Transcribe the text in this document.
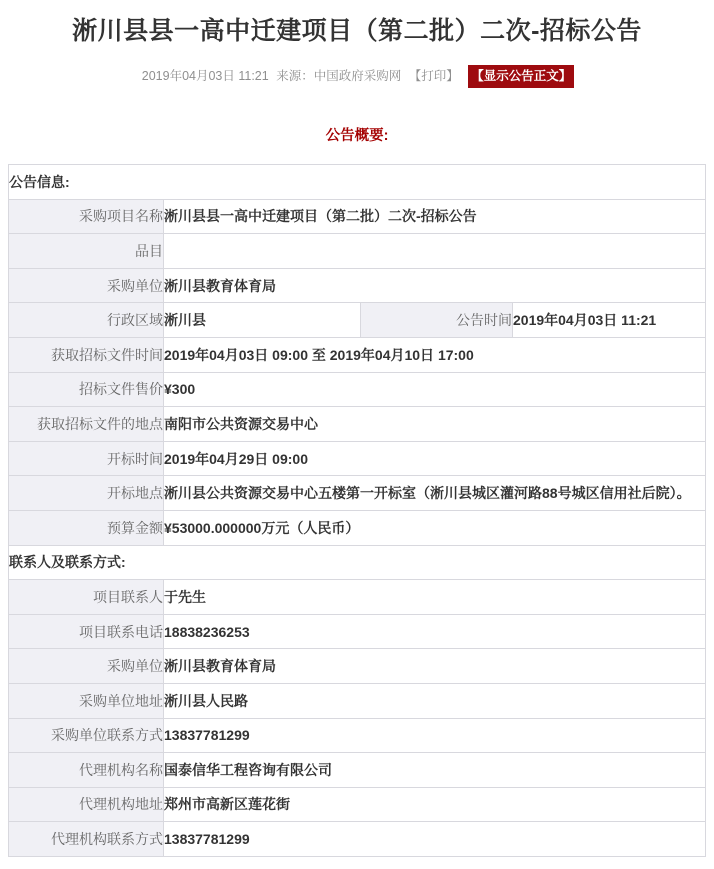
淅川县县一高中迁建项目（第二批）二次-招标公告
2019年04月03日 11:21 来源：中国政府采购网 【打印】 【显示公告正文】
公告概要:
公告信息:			
采购项目名称	淅川县县一高中迁建项目（第二批）二次-招标公告		
品目			
采购单位	淅川县教育体育局		
行政区域	淅川县	公告时间	2019年04月03日 11:21
获取招标文件时间	2019年04月03日 09:00 至 2019年04月10日 17:00		
招标文件售价	¥300		
获取招标文件的地点	南阳市公共资源交易中心		
开标时间	2019年04月29日 09:00		
开标地点	淅川县公共资源交易中心五楼第一开标室（淅川县城区灌河路88号城区信用社后院）。		
预算金额	¥53000.000000万元（人民币）		
联系人及联系方式:			
项目联系人	于先生		
项目联系电话	18838236253		
采购单位	淅川县教育体育局		
采购单位地址	淅川县人民路		
采购单位联系方式	13837781299		
代理机构名称	国泰信华工程咨询有限公司		
代理机构地址	郑州市高新区莲花街		
代理机构联系方式	13837781299		
